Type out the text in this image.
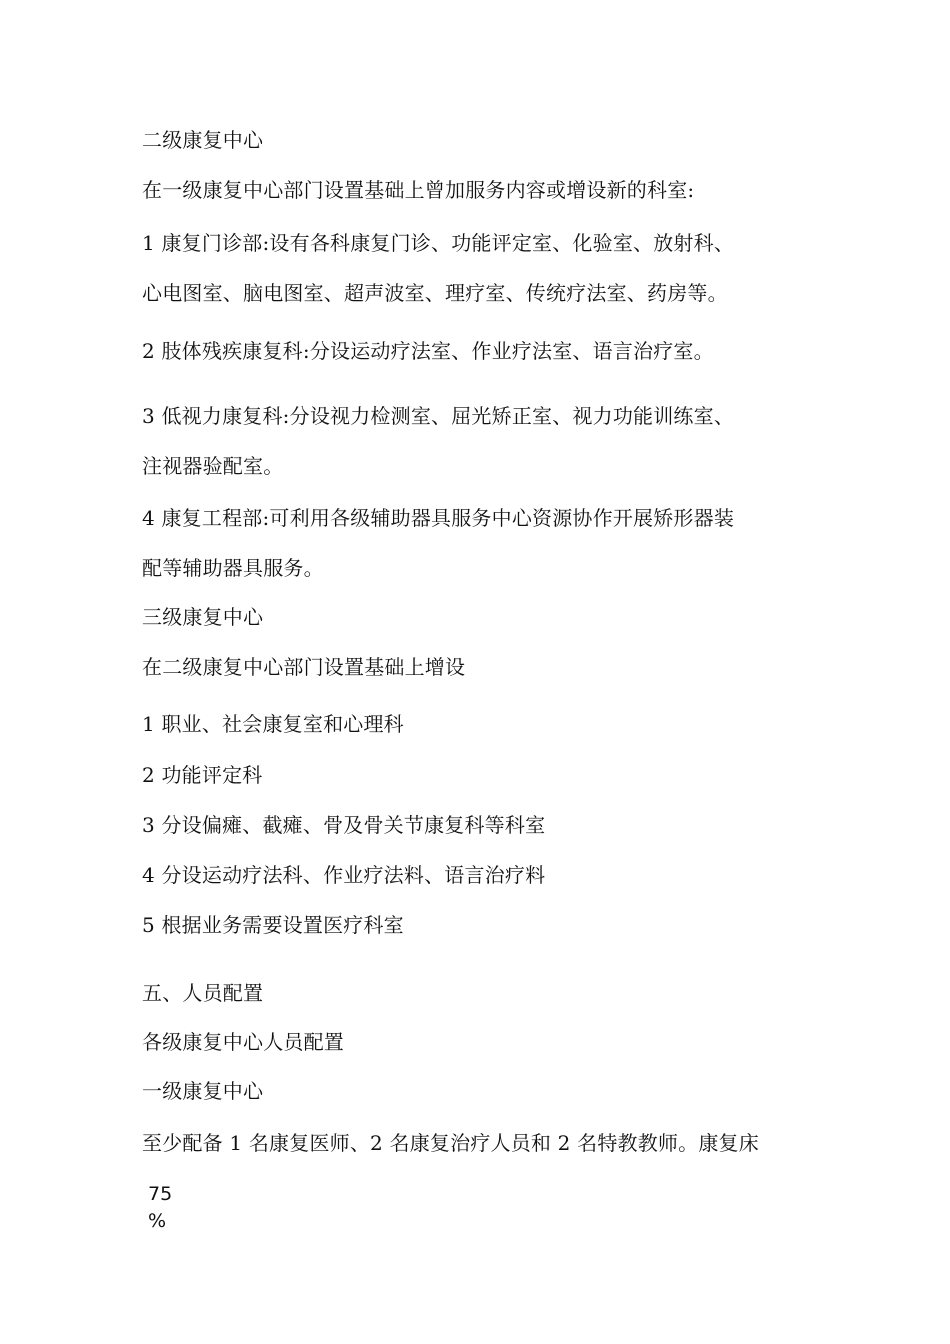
二级康复中心
在一级康复中心部门设置基础上曾加服务内容或增设新的科室:
1 康复门诊部:设有各科康复门诊、功能评定室、化验室、放射科、
心电图室、脑电图室、超声波室、理疗室、传统疗法室、药房等。
2 肢体残疾康复科:分设运动疗法室、作业疗法室、语言治疗室。
3 低视力康复科:分设视力检测室、屈光矫正室、视力功能训练室、
注视器验配室。
4 康复工程部:可利用各级辅助器具服务中心资源协作开展矫形器装
配等辅助器具服务。
三级康复中心
在二级康复中心部门设置基础上增设
1 职业、社会康复室和心理科
2 功能评定科
3 分设偏瘫、截瘫、骨及骨关节康复科等科室
4 分设运动疗法科、作业疗法料、语言治疗料
5 根据业务需要设置医疗科室
五、人员配置
各级康复中心人员配置
一级康复中心
至少配备 1 名康复医师、2 名康复治疗人员和 2 名特教教师。康复床
75
%
